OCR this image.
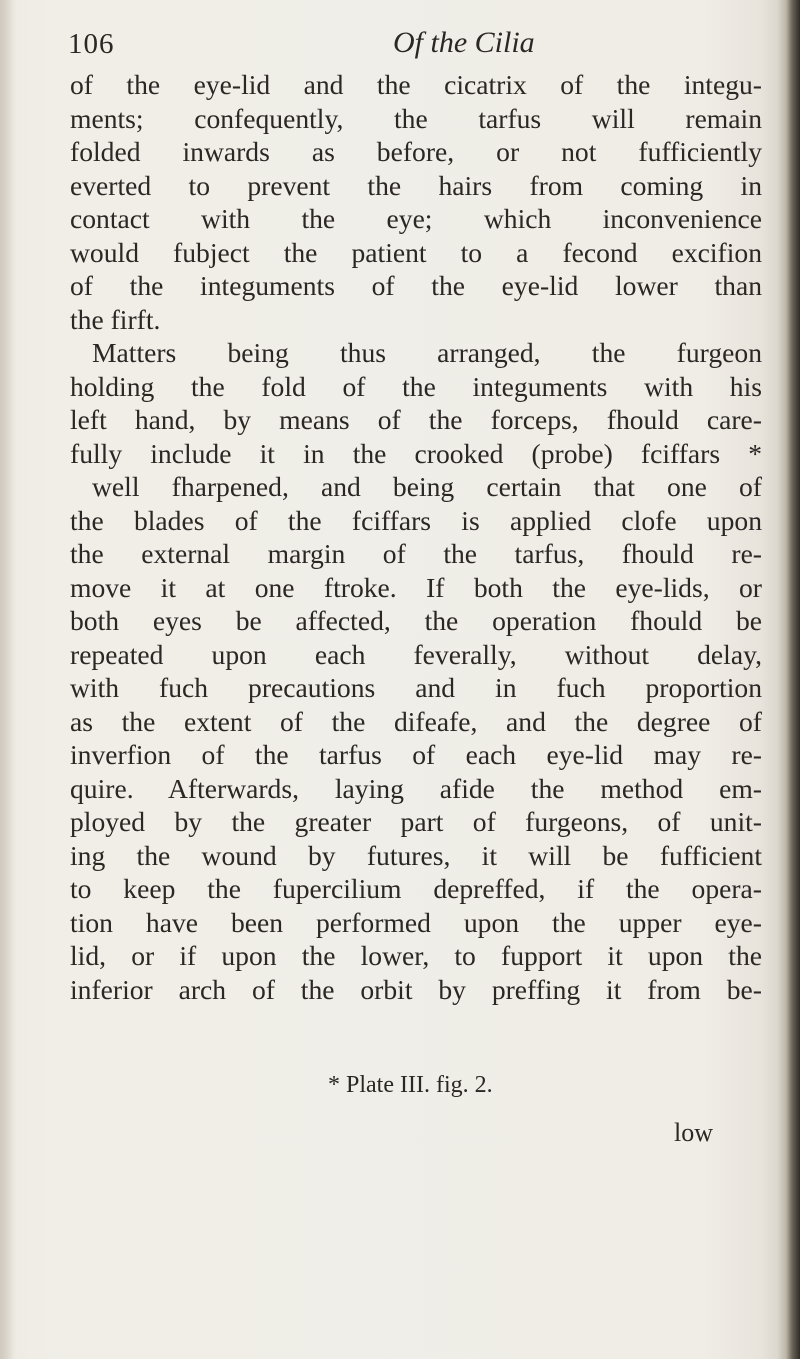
106	Of the Cilia
of the eye-lid and the cicatrix of the integu-
ments; confequently, the tarfus will remain
folded inwards as before, or not fufficiently
everted to prevent the hairs from coming in
contact with the eye; which inconvenience
would fubject the patient to a fecond excifion
of the integuments of the eye-lid lower than
the firft.
Matters being thus arranged, the furgeon
holding the fold of the integuments with his
left hand, by means of the forceps, fhould care-
fully include it in the crooked (probe) fciffars *
well fharpened, and being certain that one of
the blades of the fciffars is applied clofe upon
the external margin of the tarfus, fhould re-
move it at one ftroke. If both the eye-lids, or
both eyes be affected, the operation fhould be
repeated upon each feverally, without delay,
with fuch precautions and in fuch proportion
as the extent of the difeafe, and the degree of
inverfion of the tarfus of each eye-lid may re-
quire. Afterwards, laying afide the method em-
ployed by the greater part of furgeons, of unit-
ing the wound by futures, it will be fufficient
to keep the fupercilium depreffed, if the opera-
tion have been performed upon the upper eye-
lid, or if upon the lower, to fupport it upon the
inferior arch of the orbit by preffing it from be-
* Plate III. fig. 2.
low
